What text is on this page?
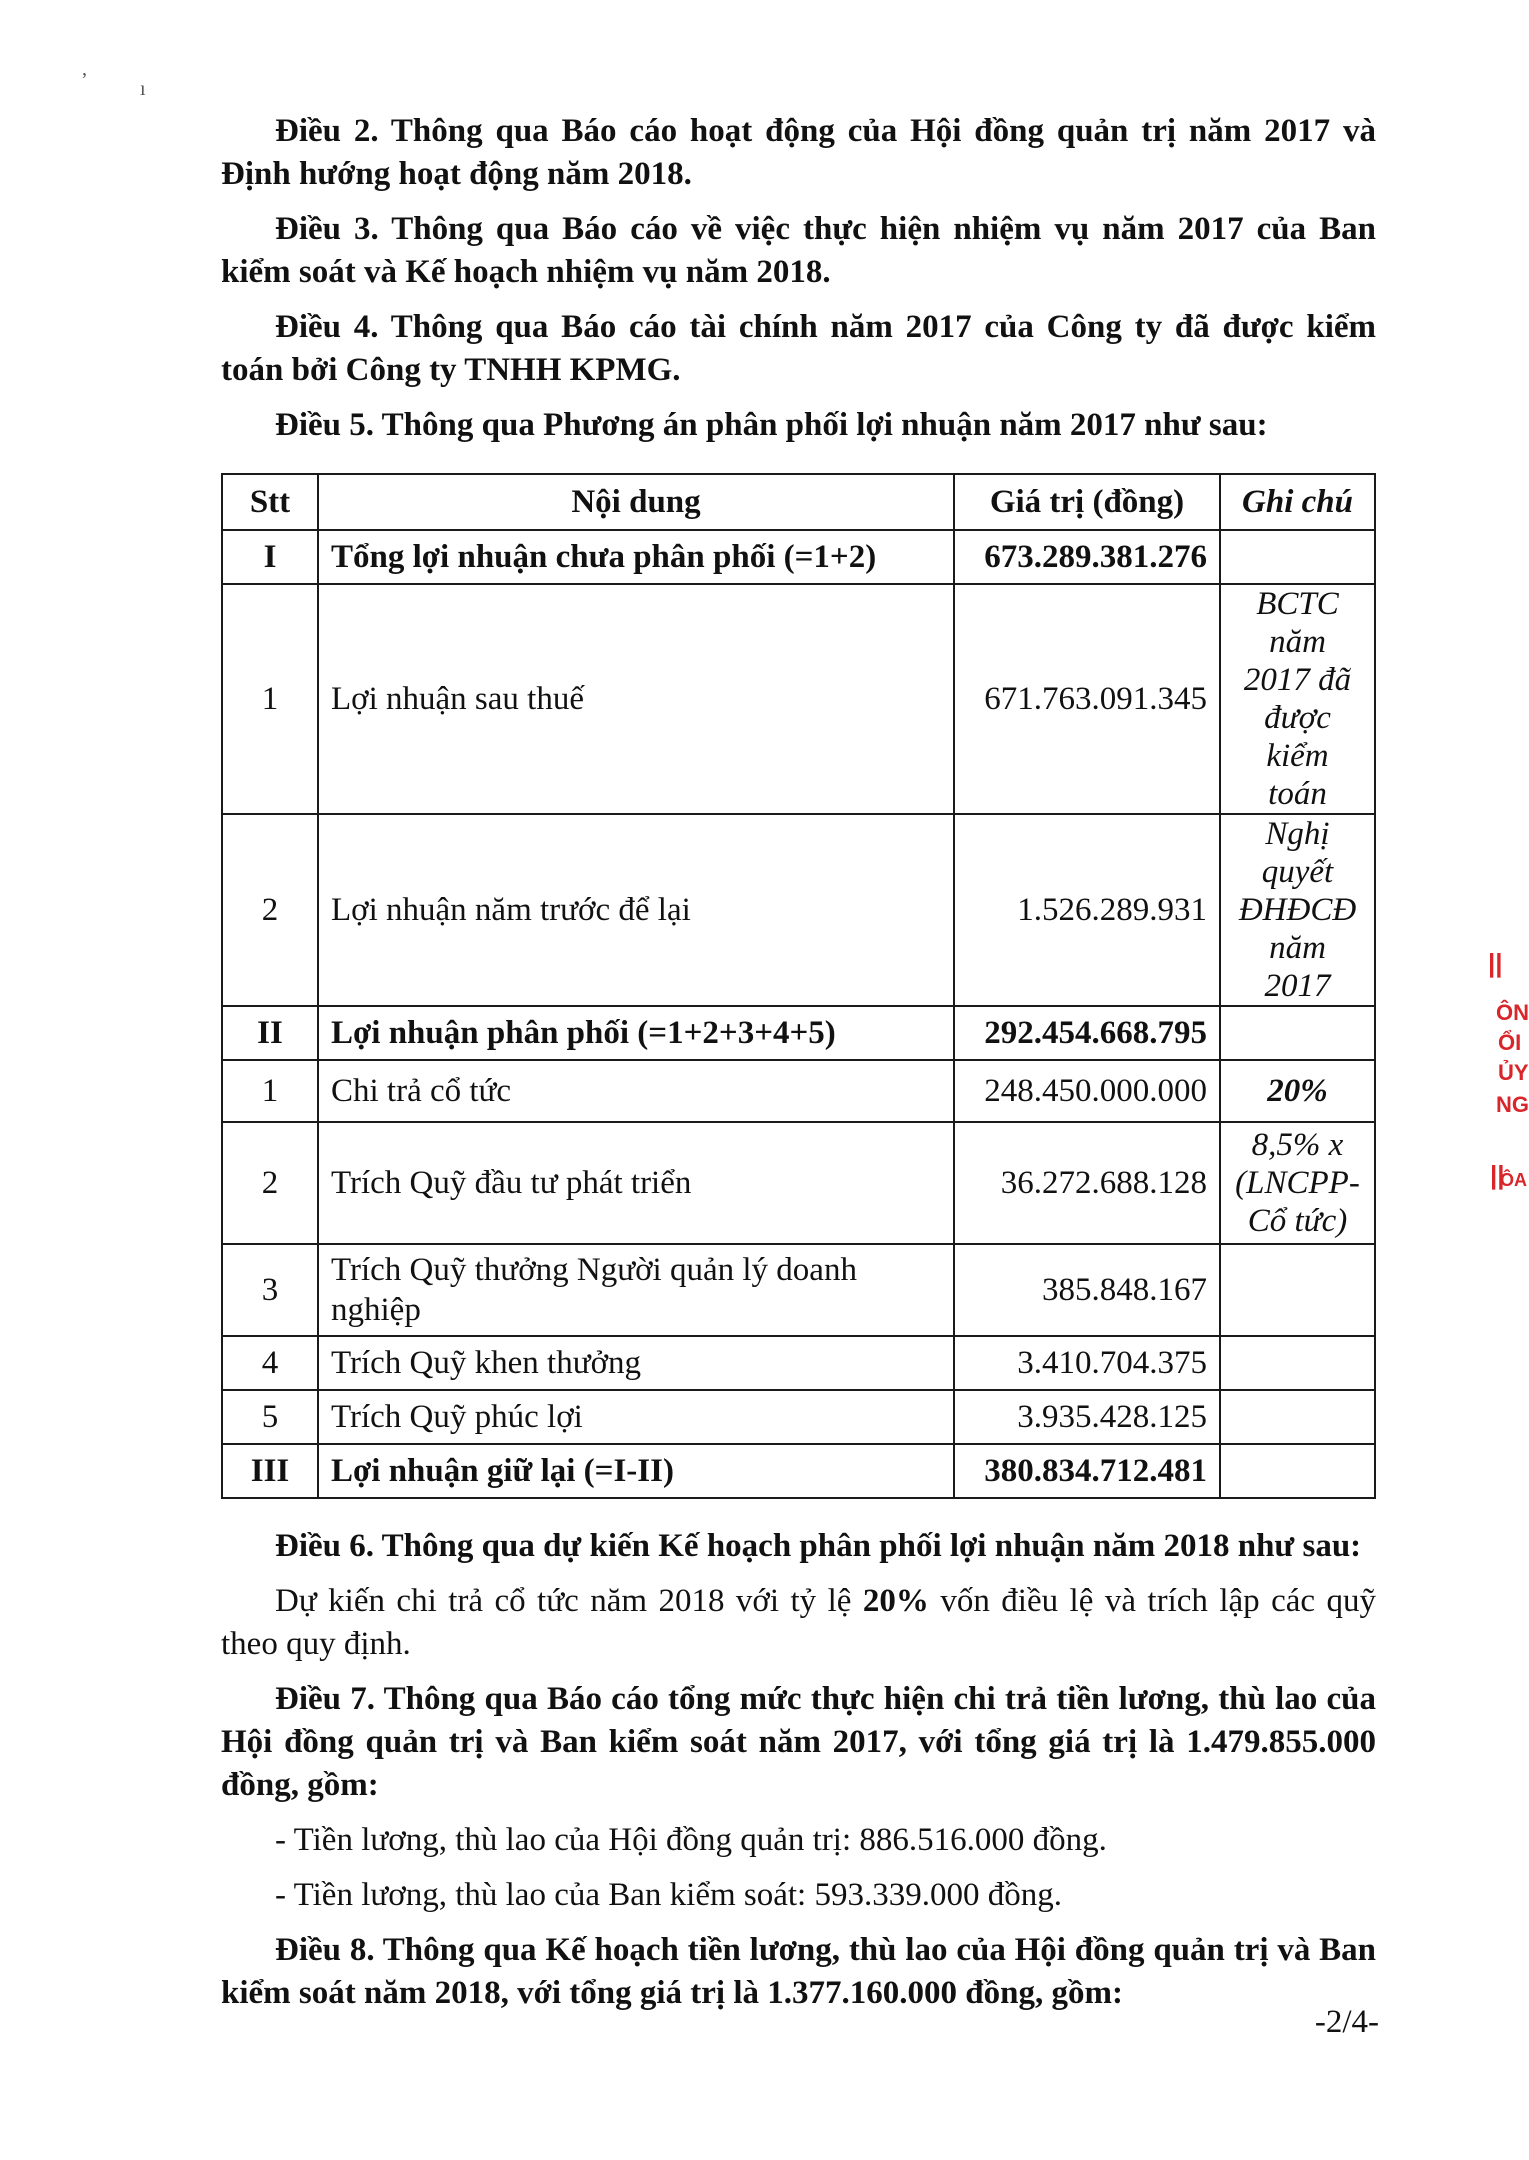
,
ı

Điều 2. Thông qua Báo cáo hoạt động của Hội đồng quản trị năm 2017 và Định hướng hoạt động năm 2018.

Điều 3. Thông qua Báo cáo về việc thực hiện nhiệm vụ năm 2017 của Ban kiểm soát và Kế hoạch nhiệm vụ năm 2018.

Điều 4. Thông qua Báo cáo tài chính năm 2017 của Công ty đã được kiểm toán bởi Công ty TNHH KPMG.

Điều 5. Thông qua Phương án phân phối lợi nhuận năm 2017 như sau:

Stt	Nội dung	Giá trị (đồng)	Ghi chú
I	Tổng lợi nhuận chưa phân phối (=1+2)	673.289.381.276	
1	Lợi nhuận sau thuế	671.763.091.345	BCTC năm 2017 đã được kiểm toán
2	Lợi nhuận năm trước để lại	1.526.289.931	Nghị quyết ĐHĐCĐ năm 2017
II	Lợi nhuận phân phối (=1+2+3+4+5)	292.454.668.795	
1	Chi trả cổ tức	248.450.000.000	20%
2	Trích Quỹ đầu tư phát triển	36.272.688.128	8,5% x (LNCPP- Cổ tức)
3	Trích Quỹ thưởng Người quản lý doanh nghiệp	385.848.167	
4	Trích Quỹ khen thưởng	3.410.704.375	
5	Trích Quỹ phúc lợi	3.935.428.125	
III	Lợi nhuận giữ lại (=I-II)	380.834.712.481	

Điều 6. Thông qua dự kiến Kế hoạch phân phối lợi nhuận năm 2018 như sau:

Dự kiến chi trả cổ tức năm 2018 với tỷ lệ 20% vốn điều lệ và trích lập các quỹ theo quy định.

Điều 7. Thông qua Báo cáo tổng mức thực hiện chi trả tiền lương, thù lao của Hội đồng quản trị và Ban kiểm soát năm 2017, với tổng giá trị là 1.479.855.000 đồng, gồm:

- Tiền lương, thù lao của Hội đồng quản trị: 886.516.000 đồng.

- Tiền lương, thù lao của Ban kiểm soát: 593.339.000 đồng.

Điều 8. Thông qua Kế hoạch tiền lương, thù lao của Hội đồng quản trị và Ban kiểm soát năm 2018, với tổng giá trị là 1.377.160.000 đồng, gồm:

||
ÔN
ỔI
ỦY
NG
||
ÔA
-2/4-
